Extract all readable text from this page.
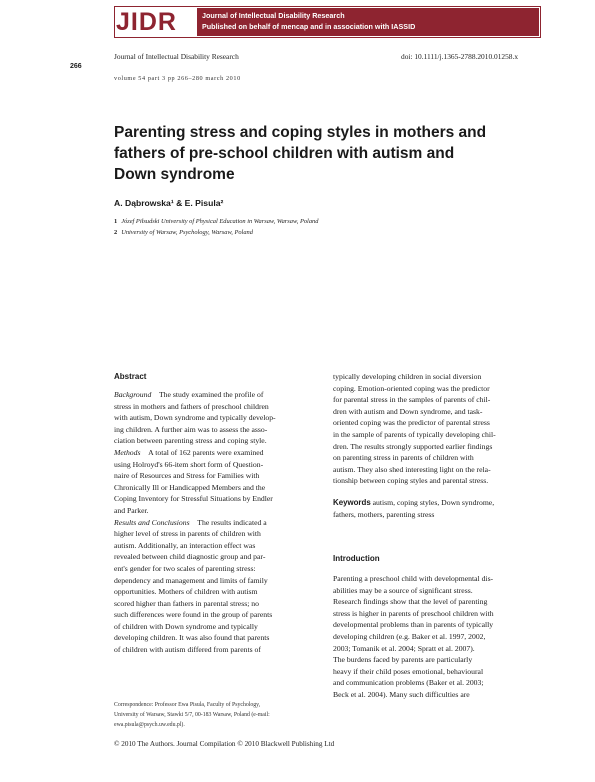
JIDR	Journal of Intellectual Disability Research
Published on behalf of mencap and in association with IASSID
Journal of Intellectual Disability Research	doi: 10.1111/j.1365-2788.2010.01258.x
266
volume 54 part 3 pp 266–280 march 2010
Parenting stress and coping styles in mothers and
fathers of pre-school children with autism and
Down syndrome
A. Dąbrowska¹ & E. Pisula²
1 Józef Piłsudski University of Physical Education in Warsaw, Warsaw, Poland
2 University of Warsaw, Psychology, Warsaw, Poland
Abstract
Background  The study examined the profile of
stress in mothers and fathers of preschool children
with autism, Down syndrome and typically develop-
ing children. A further aim was to assess the asso-
ciation between parenting stress and coping style.
Methods  A total of 162 parents were examined
using Holroyd's 66-item short form of Question-
naire of Resources and Stress for Families with
Chronically Ill or Handicapped Members and the
Coping Inventory for Stressful Situations by Endler
and Parker.
Results and Conclusions  The results indicated a
higher level of stress in parents of children with
autism. Additionally, an interaction effect was
revealed between child diagnostic group and par-
ent's gender for two scales of parenting stress:
dependency and management and limits of family
opportunities. Mothers of children with autism
scored higher than fathers in parental stress; no
such differences were found in the group of parents
of children with Down syndrome and typically
developing children. It was also found that parents
of children with autism differed from parents of
typically developing children in social diversion
coping. Emotion-oriented coping was the predictor
for parental stress in the samples of parents of chil-
dren with autism and Down syndrome, and task-
oriented coping was the predictor of parental stress
in the sample of parents of typically developing chil-
dren. The results strongly supported earlier findings
on parenting stress in parents of children with
autism. They also shed interesting light on the rela-
tionship between coping styles and parental stress.
Keywords autism, coping styles, Down syndrome,
fathers, mothers, parenting stress
Introduction
Parenting a preschool child with developmental dis-
abilities may be a source of significant stress.
Research findings show that the level of parenting
stress is higher in parents of preschool children with
developmental problems than in parents of typically
developing children (e.g. Baker et al. 1997, 2002,
2003; Tomanik et al. 2004; Spratt et al. 2007).
The burdens faced by parents are particularly
heavy if their child poses emotional, behavioural
and communication problems (Baker et al. 2003;
Beck et al. 2004). Many such difficulties are
Correspondence: Professor Ewa Pisula, Faculty of Psychology,
University of Warsaw, Stawki 5/7, 00-183 Warsaw, Poland (e-mail:
ewa.pisula@psych.uw.edu.pl).
© 2010 The Authors. Journal Compilation © 2010 Blackwell Publishing Ltd
